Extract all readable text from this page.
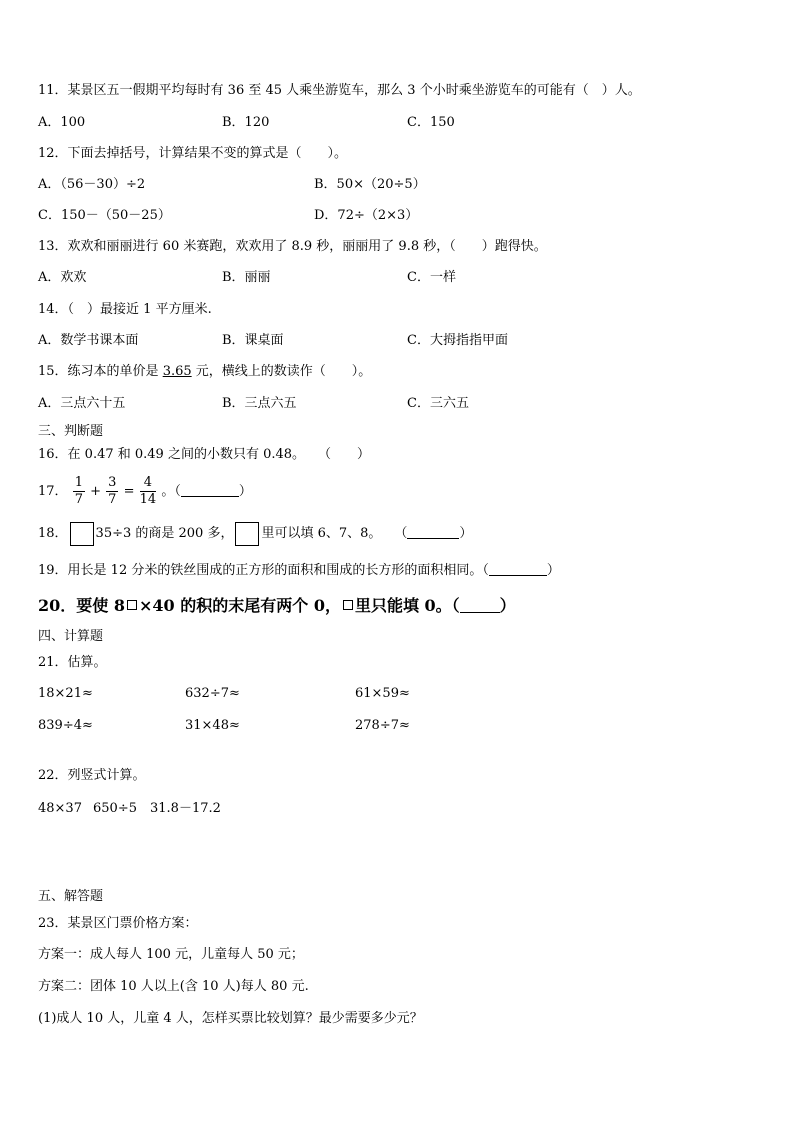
11．某景区五一假期平均每时有 36 至 45 人乘坐游览车，那么 3 个小时乘坐游览车的可能有（　）人。
A．100	B．120	C．150
12．下面去掉括号，计算结果不变的算式是（　　）。
A．（56－30）÷2	B．50×（20÷5）
C．150－（50－25）	D．72÷（2×3）
13．欢欢和丽丽进行 60 米赛跑，欢欢用了 8.9 秒，丽丽用了 9.8 秒，（　　）跑得快。
A．欢欢	B．丽丽	C．一样
14．（　）最接近 1 平方厘米.
A．数学书课本面	B．课桌面	C．大拇指指甲面
15．练习本的单价是 3.65 元，横线上的数读作（　　）。
A．三点六十五	B．三点六五	C．三六五
三、判断题
16．在 0.47 和 0.49 之间的小数只有 0.48。　　（　　）
17． $\frac{1}{7} + \frac{3}{7} = \frac{4}{14}$ 。（	）
18． 35÷3 的商是 200 多， 里可以填 6、7、8。　　（	）
19．用长是 12 分米的铁丝围成的正方形的面积和围成的长方形的面积相同。（	）
20．要使 8 ×40 的积的末尾有两个 0， 里只能填 0。（	）
四、计算题
21．估算。
18×21≈	632÷7≈	61×59≈
839÷4≈	31×48≈	278÷7≈
22．列竖式计算。
48×37 650÷5 31.8－17.2
五、解答题
23．某景区门票价格方案：
方案一：成人每人 100 元，儿童每人 50 元；
方案二：团体 10 人以上(含 10 人)每人 80 元.
(1)成人 10 人，儿童 4 人，怎样买票比较划算？最少需要多少元？
